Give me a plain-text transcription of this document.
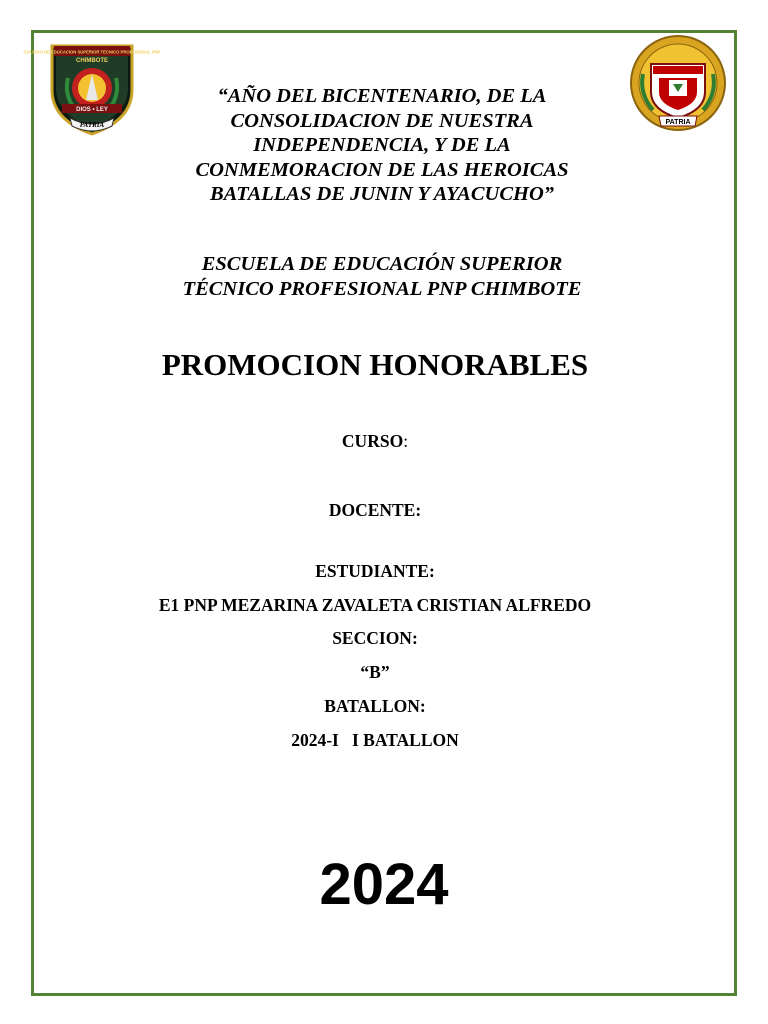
COLEGIO DE EDUCACION SUPERIOR TECNICO PROFESIONAL PNP
CHIMBOTE
DIOS • LEY
PATRIA	PATRIA
“AÑO DEL BICENTENARIO, DE LA
CONSOLIDACION DE NUESTRA
INDEPENDENCIA, Y DE LA
CONMEMORACION DE LAS HEROICAS
BATALLAS DE JUNIN Y AYACUCHO”
ESCUELA DE EDUCACIÓN SUPERIOR
TÉCNICO PROFESIONAL PNP CHIMBOTE
PROMOCION HONORABLES
CURSO:
DOCENTE:
ESTUDIANTE:
E1 PNP MEZARINA ZAVALETA CRISTIAN ALFREDO
SECCION:
“B”
BATALLON:
2024-I   I BATALLON
2024
